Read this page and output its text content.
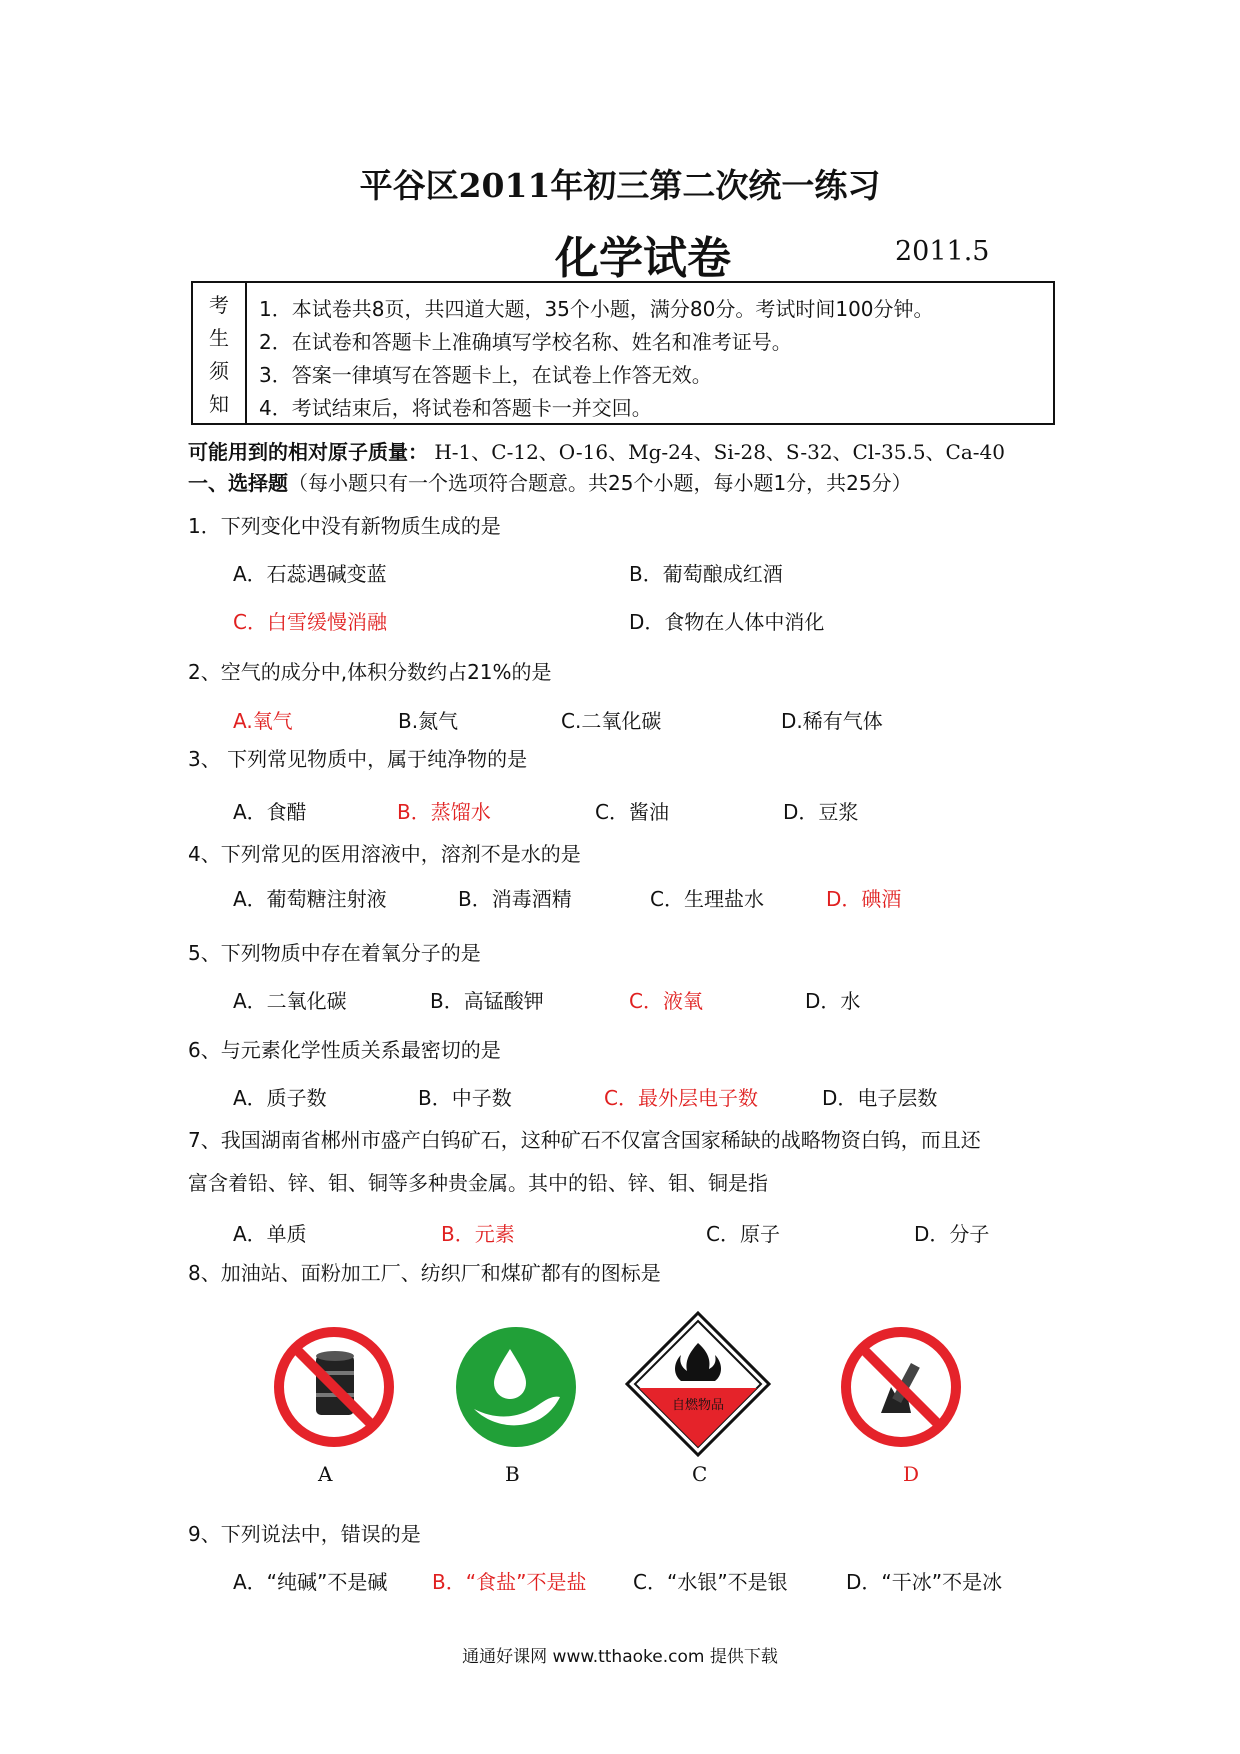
平谷区2011年初三第二次统一练习
化学试卷	2011.5
考
生
须
知
1．本试卷共8页，共四道大题，35个小题，满分80分。考试时间100分钟。
2．在试卷和答题卡上准确填写学校名称、姓名和准考证号。
3．答案一律填写在答题卡上，在试卷上作答无效。
4．考试结束后，将试卷和答题卡一并交回。
可能用到的相对原子质量： H-1、C-12、O-16、Mg-24、Si-28、S-32、Cl-35.5、Ca-40
一、选择题（每小题只有一个选项符合题意。共25个小题，每小题1分，共25分）
1．下列变化中没有新物质生成的是
A．石蕊遇碱变蓝	B．葡萄酿成红酒
C．白雪缓慢消融	D．食物在人体中消化
2、空气的成分中,体积分数约占21%的是
A.氧气	B.氮气	C.二氧化碳	D.稀有气体
3、 下列常见物质中，属于纯净物的是
A．食醋	B．蒸馏水	C．酱油	D．豆浆
4、下列常见的医用溶液中，溶剂不是水的是
A．葡萄糖注射液	B．消毒酒精	C．生理盐水	D．碘酒
5、下列物质中存在着氧分子的是
A．二氧化碳	B．高锰酸钾	C．液氧	D．水
6、与元素化学性质关系最密切的是
A．质子数	B．中子数	C．最外层电子数	D．电子层数
7、我国湖南省郴州市盛产白钨矿石，这种矿石不仅富含国家稀缺的战略物资白钨，而且还
富含着铅、锌、钼、铜等多种贵金属。其中的铅、锌、钼、铜是指
A．单质	B．元素	C．原子	D．分子
8、加油站、面粉加工厂、纺织厂和煤矿都有的图标是
自燃物品
A	B	C	D
9、下列说法中，错误的是
A．“纯碱”不是碱 B．“食盐”不是盐 C．“水银”不是银	D．“干冰”不是冰
通通好课网 www.tthaoke.com 提供下载
